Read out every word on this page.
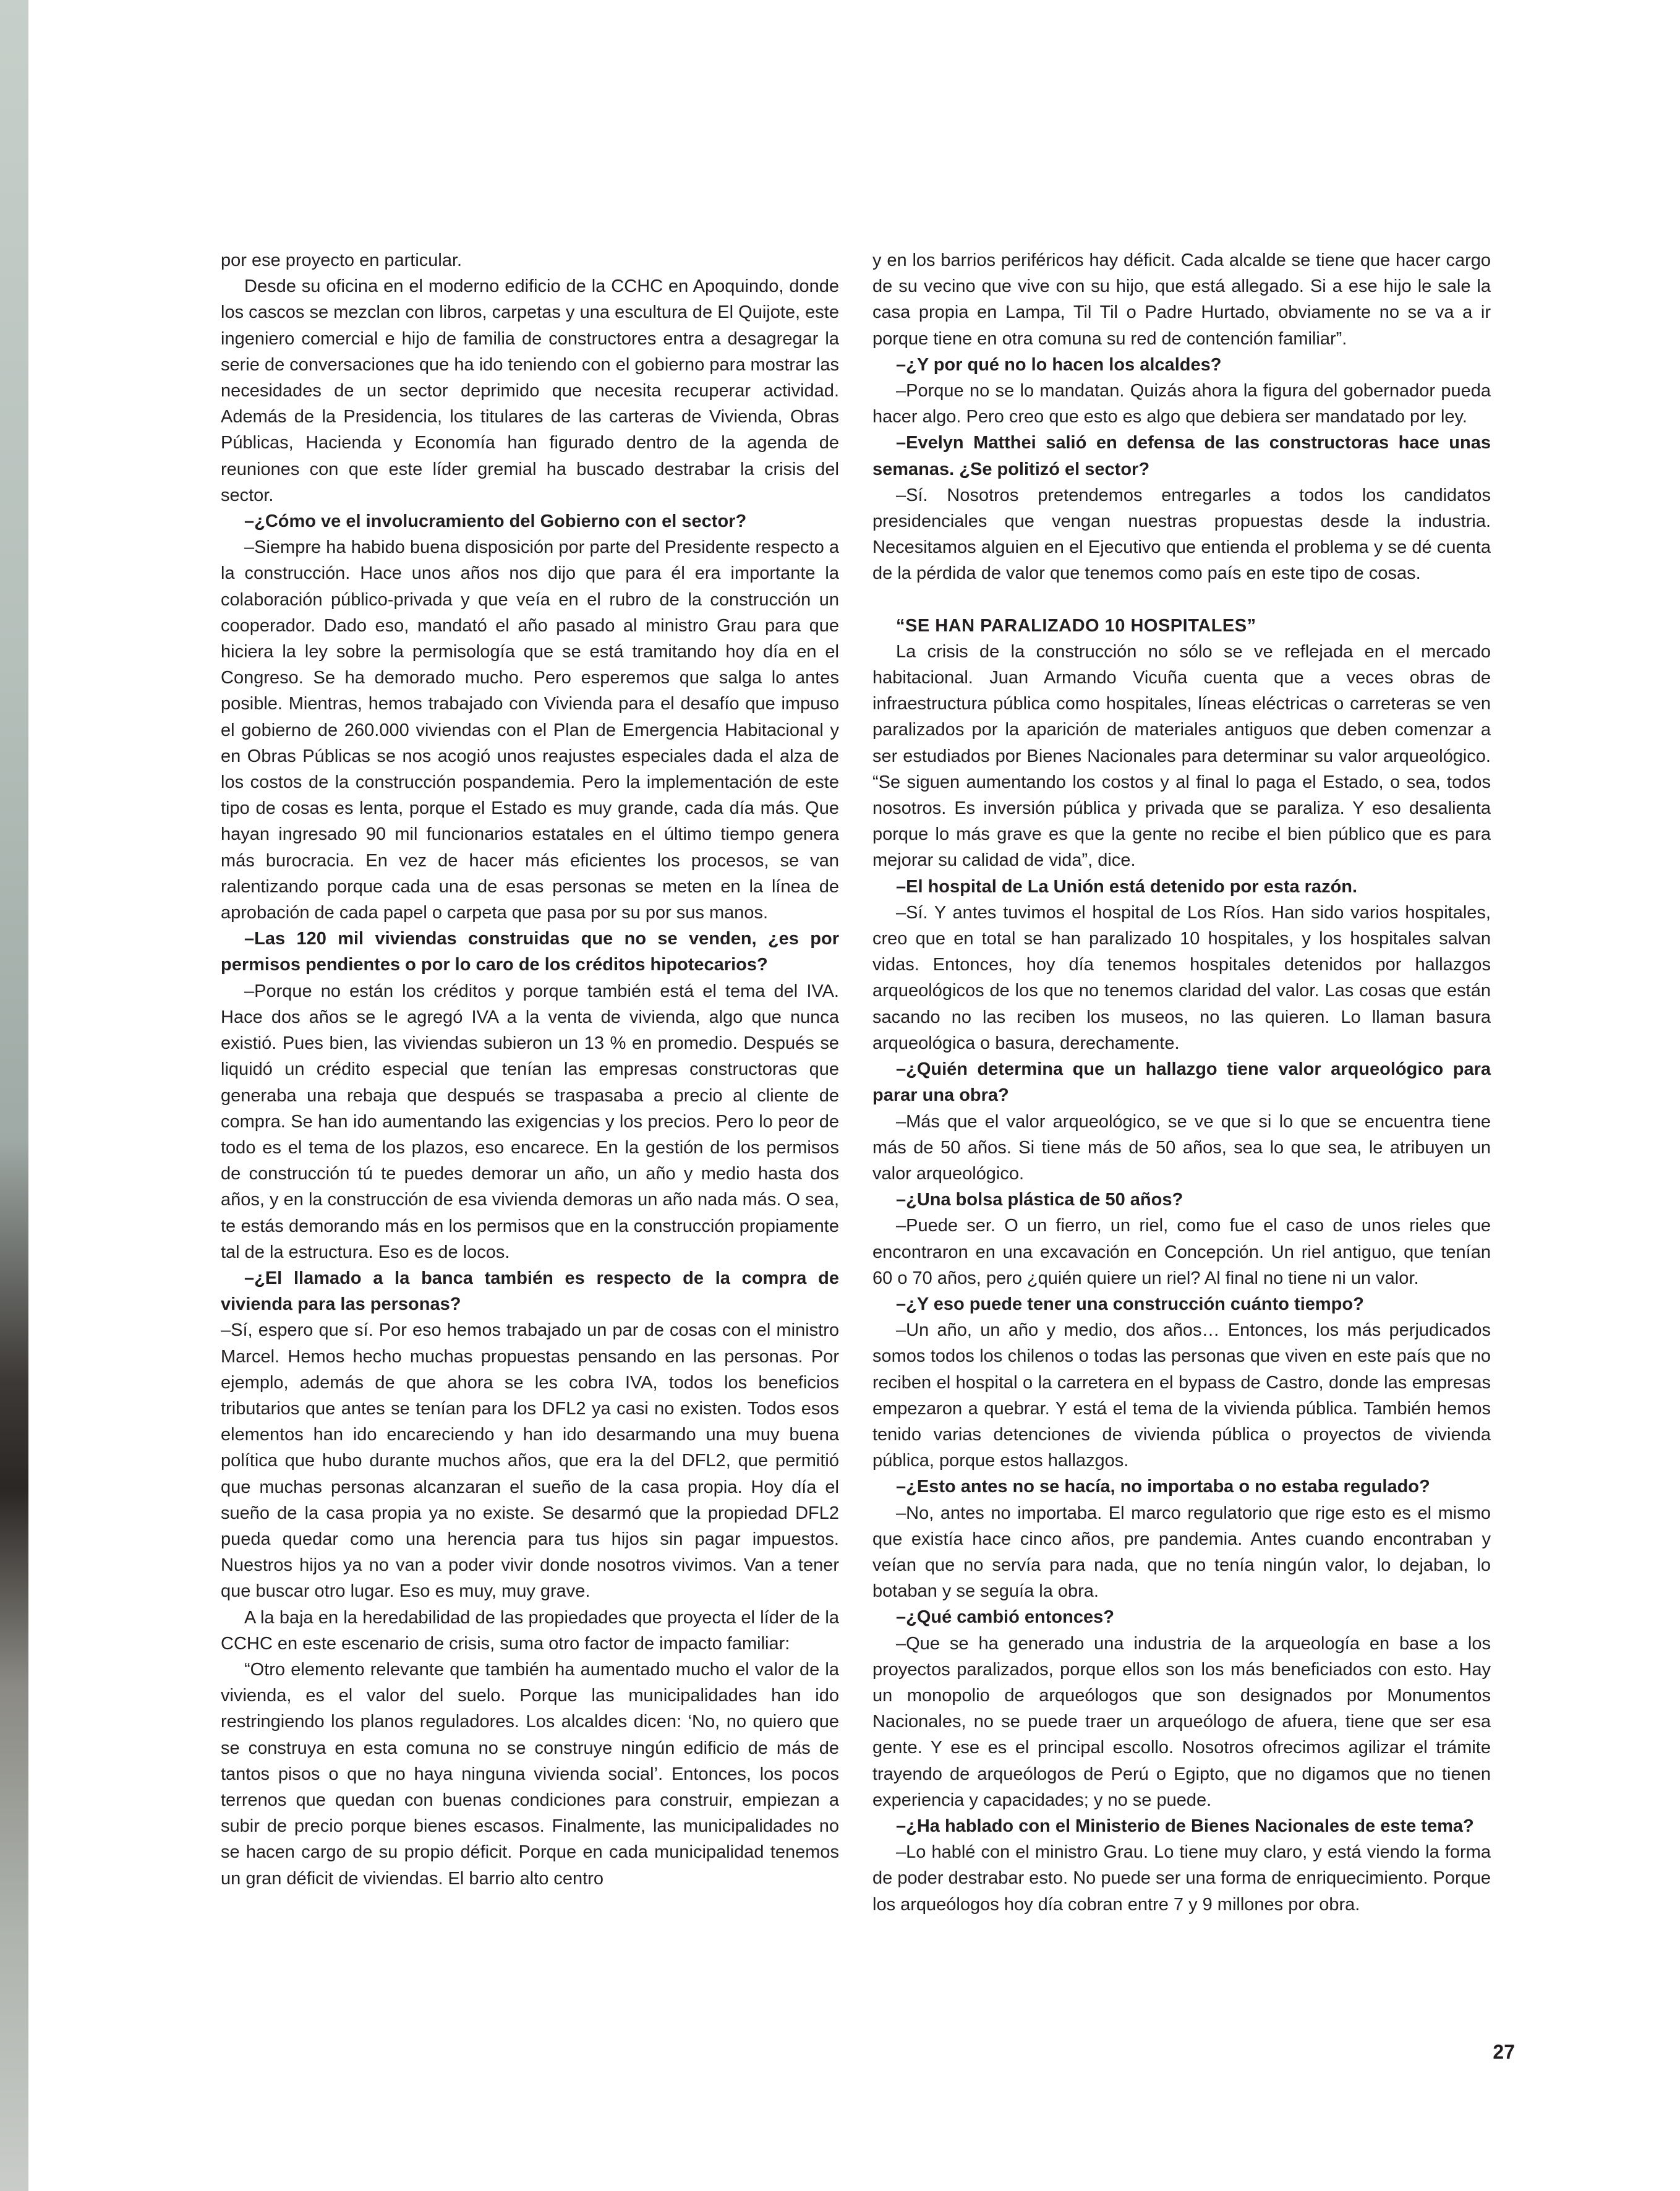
por ese proyecto en particular.

Desde su oficina en el moderno edificio de la CCHC en Apoquindo, donde los cascos se mezclan con libros, carpetas y una escultura de El Quijote, este ingeniero comercial e hijo de familia de constructores entra a desagregar la serie de conversaciones que ha ido teniendo con el gobierno para mostrar las necesidades de un sector deprimido que necesita recuperar actividad. Además de la Presidencia, los titulares de las carteras de Vivienda, Obras Públicas, Hacienda y Economía han figurado dentro de la agenda de reuniones con que este líder gremial ha buscado destrabar la crisis del sector.

–¿Cómo ve el involucramiento del Gobierno con el sector?

–Siempre ha habido buena disposición por parte del Presidente respecto a la construcción. Hace unos años nos dijo que para él era importante la colaboración público-privada y que veía en el rubro de la construcción un cooperador. Dado eso, mandató el año pasado al ministro Grau para que hiciera la ley sobre la permisología que se está tramitando hoy día en el Congreso. Se ha demorado mucho. Pero esperemos que salga lo antes posible. Mientras, hemos trabajado con Vivienda para el desafío que impuso el gobierno de 260.000 viviendas con el Plan de Emergencia Habitacional y en Obras Públicas se nos acogió unos reajustes especiales dada el alza de los costos de la construcción pospandemia. Pero la implementación de este tipo de cosas es lenta, porque el Estado es muy grande, cada día más. Que hayan ingresado 90 mil funcionarios estatales en el último tiempo genera más burocracia. En vez de hacer más eficientes los procesos, se van ralentizando porque cada una de esas personas se meten en la línea de aprobación de cada papel o carpeta que pasa por su por sus manos.

–Las 120 mil viviendas construidas que no se venden, ¿es por permisos pendientes o por lo caro de los créditos hipotecarios?

–Porque no están los créditos y porque también está el tema del IVA. Hace dos años se le agregó IVA a la venta de vivienda, algo que nunca existió. Pues bien, las viviendas subieron un 13 % en promedio. Después se liquidó un crédito especial que tenían las empresas constructoras que generaba una rebaja que después se traspasaba a precio al cliente de compra. Se han ido aumentando las exigencias y los precios. Pero lo peor de todo es el tema de los plazos, eso encarece. En la gestión de los permisos de construcción tú te puedes demorar un año, un año y medio hasta dos años, y en la construcción de esa vivienda demoras un año nada más. O sea, te estás demorando más en los permisos que en la construcción propiamente tal de la estructura. Eso es de locos.

–¿El llamado a la banca también es respecto de la compra de vivienda para las personas?

–Sí, espero que sí. Por eso hemos trabajado un par de cosas con el ministro Marcel. Hemos hecho muchas propuestas pensando en las personas. Por ejemplo, además de que ahora se les cobra IVA, todos los beneficios tributarios que antes se tenían para los DFL2 ya casi no existen. Todos esos elementos han ido encareciendo y han ido desarmando una muy buena política que hubo durante muchos años, que era la del DFL2, que permitió que muchas personas alcanzaran el sueño de la casa propia. Hoy día el sueño de la casa propia ya no existe. Se desarmó que la propiedad DFL2 pueda quedar como una herencia para tus hijos sin pagar impuestos. Nuestros hijos ya no van a poder vivir donde nosotros vivimos. Van a tener que buscar otro lugar. Eso es muy, muy grave.

A la baja en la heredabilidad de las propiedades que proyecta el líder de la CCHC en este escenario de crisis, suma otro factor de impacto familiar:

“Otro elemento relevante que también ha aumentado mucho el valor de la vivienda, es el valor del suelo. Porque las municipalidades han ido restringiendo los planos reguladores. Los alcaldes dicen: ‘No, no quiero que se construya en esta comuna no se construye ningún edificio de más de tantos pisos o que no haya ninguna vivienda social’. Entonces, los pocos terrenos que quedan con buenas condiciones para construir, empiezan a subir de precio porque bienes escasos. Finalmente, las municipalidades no se hacen cargo de su propio déficit. Porque en cada municipalidad tenemos un gran déficit de viviendas. El barrio alto centro

y en los barrios periféricos hay déficit. Cada alcalde se tiene que hacer cargo de su vecino que vive con su hijo, que está allegado. Si a ese hijo le sale la casa propia en Lampa, Til Til o Padre Hurtado, obviamente no se va a ir porque tiene en otra comuna su red de contención familiar”.

–¿Y por qué no lo hacen los alcaldes?

–Porque no se lo mandatan. Quizás ahora la figura del gobernador pueda hacer algo. Pero creo que esto es algo que debiera ser mandatado por ley.

–Evelyn Matthei salió en defensa de las constructoras hace unas semanas. ¿Se politizó el sector?

–Sí. Nosotros pretendemos entregarles a todos los candidatos presidenciales que vengan nuestras propuestas desde la industria. Necesitamos alguien en el Ejecutivo que entienda el problema y se dé cuenta de la pérdida de valor que tenemos como país en este tipo de cosas.

“SE HAN PARALIZADO 10 HOSPITALES”

La crisis de la construcción no sólo se ve reflejada en el mercado habitacional. Juan Armando Vicuña cuenta que a veces obras de infraestructura pública como hospitales, líneas eléctricas o carreteras se ven paralizados por la aparición de materiales antiguos que deben comenzar a ser estudiados por Bienes Nacionales para determinar su valor arqueológico. “Se siguen aumentando los costos y al final lo paga el Estado, o sea, todos nosotros. Es inversión pública y privada que se paraliza. Y eso desalienta porque lo más grave es que la gente no recibe el bien público que es para mejorar su calidad de vida”, dice.

–El hospital de La Unión está detenido por esta razón.

–Sí. Y antes tuvimos el hospital de Los Ríos. Han sido varios hospitales, creo que en total se han paralizado 10 hospitales, y los hospitales salvan vidas. Entonces, hoy día tenemos hospitales detenidos por hallazgos arqueológicos de los que no tenemos claridad del valor. Las cosas que están sacando no las reciben los museos, no las quieren. Lo llaman basura arqueológica o basura, derechamente.

–¿Quién determina que un hallazgo tiene valor arqueológico para parar una obra?

–Más que el valor arqueológico, se ve que si lo que se encuentra tiene más de 50 años. Si tiene más de 50 años, sea lo que sea, le atribuyen un valor arqueológico.

–¿Una bolsa plástica de 50 años?

–Puede ser. O un fierro, un riel, como fue el caso de unos rieles que encontraron en una excavación en Concepción. Un riel antiguo, que tenían 60 o 70 años, pero ¿quién quiere un riel? Al final no tiene ni un valor.

–¿Y eso puede tener una construcción cuánto tiempo?

–Un año, un año y medio, dos años… Entonces, los más perjudicados somos todos los chilenos o todas las personas que viven en este país que no reciben el hospital o la carretera en el bypass de Castro, donde las empresas empezaron a quebrar. Y está el tema de la vivienda pública. También hemos tenido varias detenciones de vivienda pública o proyectos de vivienda pública, porque estos hallazgos.

–¿Esto antes no se hacía, no importaba o no estaba regulado?

–No, antes no importaba. El marco regulatorio que rige esto es el mismo que existía hace cinco años, pre pandemia. Antes cuando encontraban y veían que no servía para nada, que no tenía ningún valor, lo dejaban, lo botaban y se seguía la obra.

–¿Qué cambió entonces?

–Que se ha generado una industria de la arqueología en base a los proyectos paralizados, porque ellos son los más beneficiados con esto. Hay un monopolio de arqueólogos que son designados por Monumentos Nacionales, no se puede traer un arqueólogo de afuera, tiene que ser esa gente. Y ese es el principal escollo. Nosotros ofrecimos agilizar el trámite trayendo de arqueólogos de Perú o Egipto, que no digamos que no tienen experiencia y capacidades; y no se puede.

–¿Ha hablado con el Ministerio de Bienes Nacionales de este tema?

–Lo hablé con el ministro Grau. Lo tiene muy claro, y está viendo la forma de poder destrabar esto. No puede ser una forma de enriquecimiento. Porque los arqueólogos hoy día cobran entre 7 y 9 millones por obra.

27
